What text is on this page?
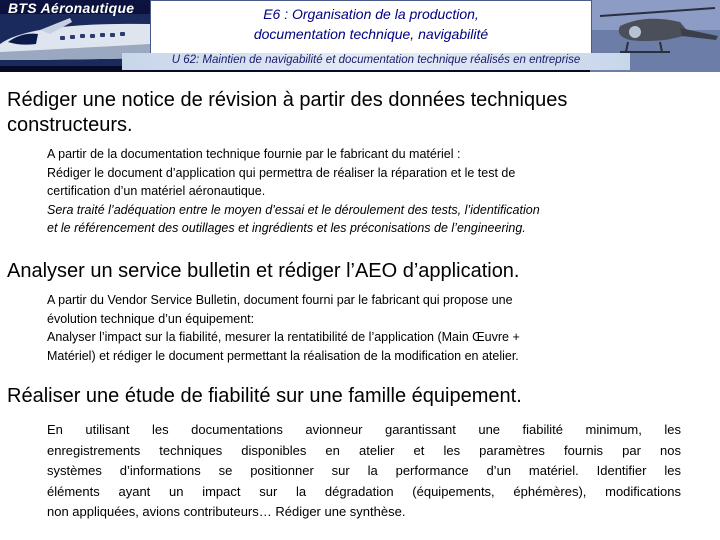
BTS Aéronautique	E6 : Organisation de la production,
documentation technique, navigabilité
U 62: Maintien de navigabilité et documentation technique réalisés en entreprise
Rédiger une notice de révision à partir des données techniques
constructeurs.
A partir de la documentation technique fournie par le fabricant du matériel :
Rédiger le document d’application qui permettra de réaliser la réparation et le test de
certification d’un matériel aéronautique.
Sera traité l’adéquation entre le moyen d’essai et le déroulement des tests, l’identification
et le référencement des outillages et ingrédients et les préconisations de l’engineering.
Analyser un service bulletin et rédiger l’AEO d’application.
A partir du Vendor Service Bulletin, document fourni par le fabricant qui propose une
évolution technique d’un équipement:
Analyser l’impact sur la fiabilité, mesurer la rentatibilité de l’application (Main Œuvre +
Matériel) et rédiger le document permettant la réalisation de la modification en atelier.
Réaliser une étude de fiabilité sur une famille équipement.
En utilisant les documentations avionneur garantissant une fiabilité minimum, les
enregistrements techniques disponibles en atelier et les paramètres fournis par nos
systèmes d’informations se positionner sur la performance d’un matériel. Identifier les
éléments ayant un impact sur la dégradation (équipements, éphémères), modifications
non appliquées, avions contributeurs… Rédiger une synthèse.
